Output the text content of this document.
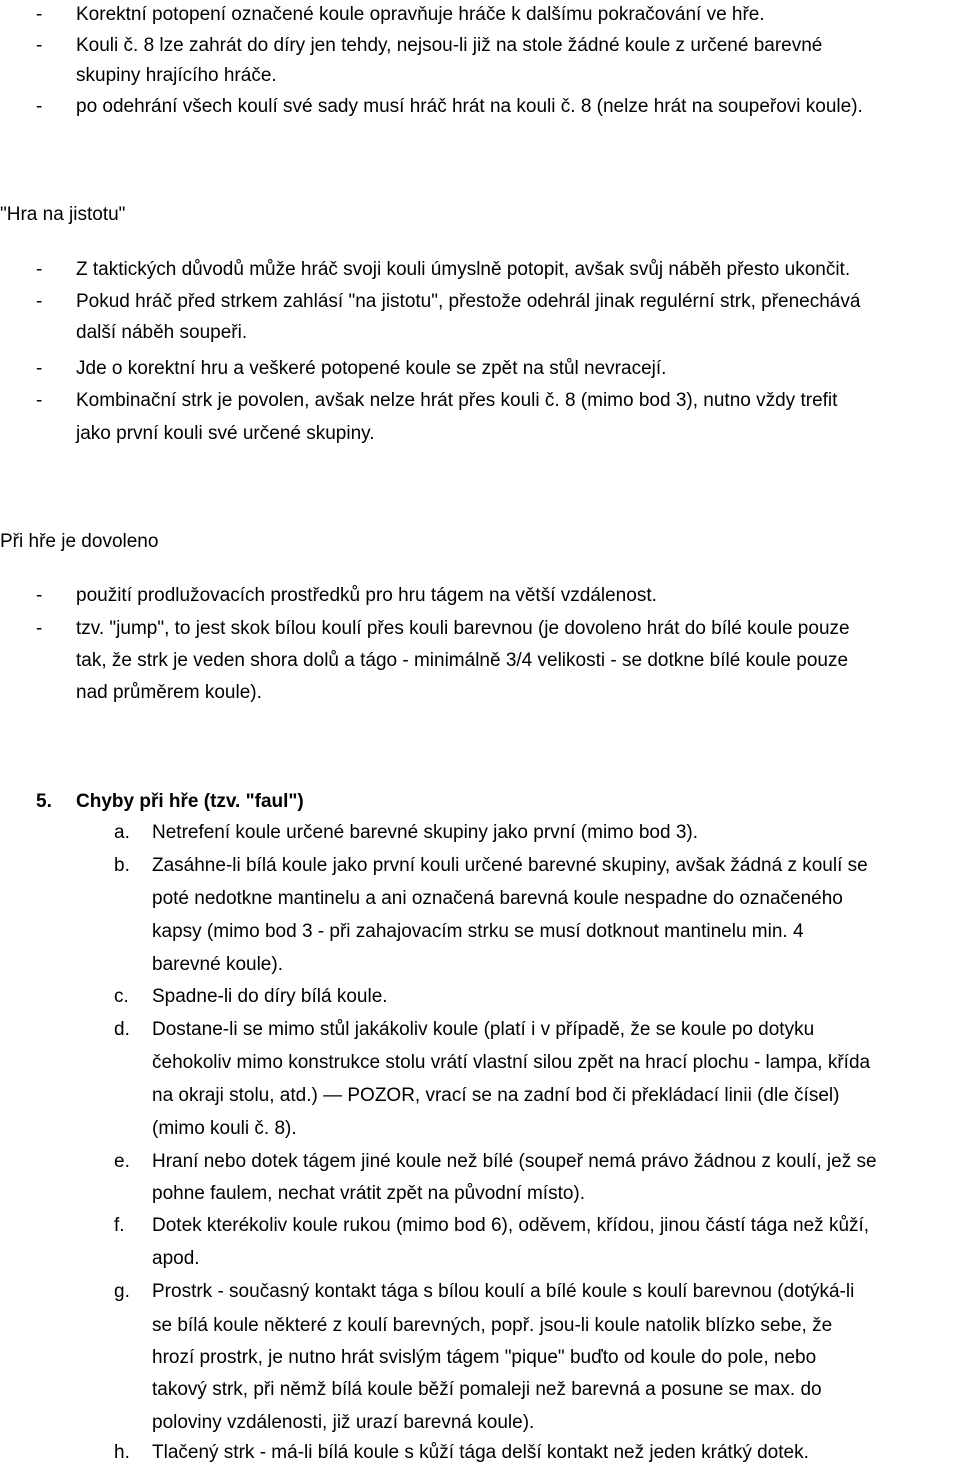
- Korektní potopení označené koule opravňuje hráče k dalšímu pokračování ve hře.
- Kouli č. 8 lze zahrát do díry jen tehdy, nejsou-li již na stole žádné koule z určené barevné
skupiny hrajícího hráče.
- po odehrání všech koulí své sady musí hráč hrát na kouli č. 8 (nelze hrát na soupeřovi koule).
"Hra na jistotu"
- Z taktických důvodů může hráč svoji kouli úmyslně potopit, avšak svůj náběh přesto ukončit.
- Pokud hráč před strkem zahlásí "na jistotu", přestože odehrál jinak regulérní strk, přenechává
další náběh soupeři.
- Jde o korektní hru a veškeré potopené koule se zpět na stůl nevracejí.
- Kombinační strk je povolen, avšak nelze hrát přes kouli č. 8 (mimo bod 3), nutno vždy trefit
jako první kouli své určené skupiny.
Při hře je dovoleno
- použití prodlužovacích prostředků pro hru tágem na větší vzdálenost.
- tzv. "jump", to jest skok bílou koulí přes kouli barevnou (je dovoleno hrát do bílé koule pouze
tak, že strk je veden shora dolů a tágo - minimálně 3/4 velikosti - se dotkne bílé koule pouze
nad průměrem koule).
5. Chyby při hře (tzv. "faul")
a. Netrefení koule určené barevné skupiny jako první (mimo bod 3).
b. Zasáhne-li bílá koule jako první kouli určené barevné skupiny, avšak žádná z koulí se
poté nedotkne mantinelu a ani označená barevná koule nespadne do označeného
kapsy (mimo bod 3 - při zahajovacím strku se musí dotknout mantinelu min. 4
barevné koule).
c. Spadne-li do díry bílá koule.
d. Dostane-li se mimo stůl jakákoliv koule (platí i v případě, že se koule po dotyku
čehokoliv mimo konstrukce stolu vrátí vlastní silou zpět na hrací plochu - lampa, křída
na okraji stolu, atd.) — POZOR, vrací se na zadní bod či překládací linii (dle čísel)
(mimo kouli č. 8).
e. Hraní nebo dotek tágem jiné koule než bílé (soupeř nemá právo žádnou z koulí, jež se
pohne faulem, nechat vrátit zpět na původní místo).
f. Dotek kterékoliv koule rukou (mimo bod 6), oděvem, křídou, jinou částí tága než kůží,
apod.
g. Prostrk - současný kontakt tága s bílou koulí a bílé koule s koulí barevnou (dotýká-li
se bílá koule některé z koulí barevných, popř. jsou-li koule natolik blízko sebe, že
hrozí prostrk, je nutno hrát svislým tágem "pique" buďto od koule do pole, nebo
takový strk, při němž bílá koule běží pomaleji než barevná a posune se max. do
poloviny vzdálenosti, již urazí barevná koule).
h. Tlačený strk - má-li bílá koule s kůží tága delší kontakt než jeden krátký dotek.
